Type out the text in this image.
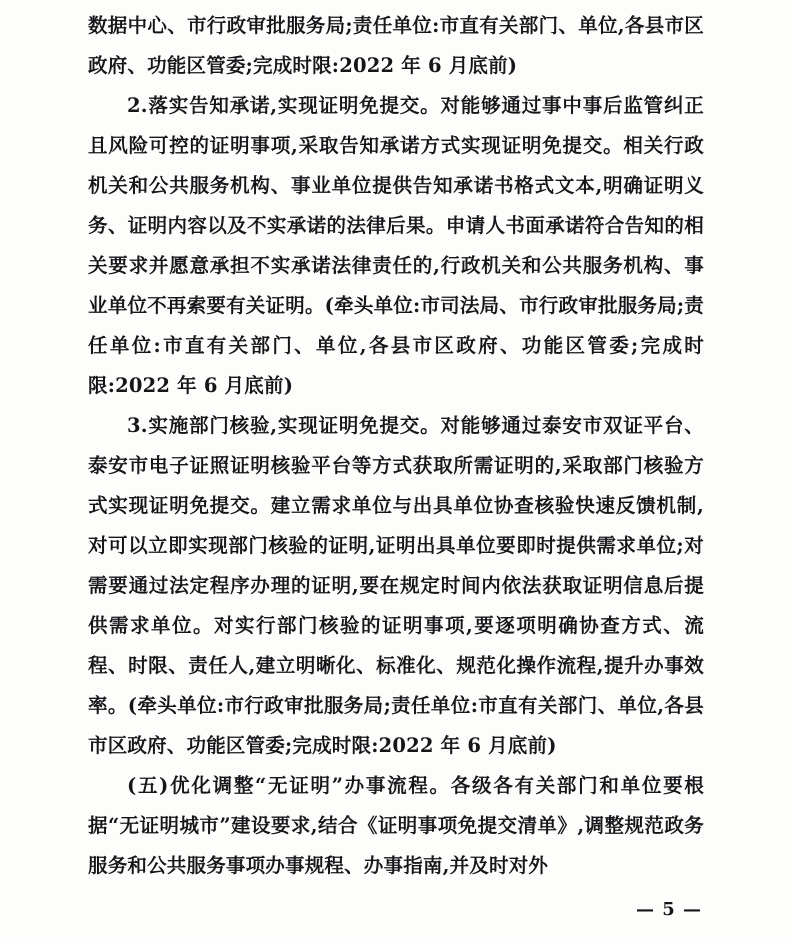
数据中心、市行政审批服务局;责任单位:市直有关部门、单位,各县市区政府、功能区管委;完成时限:2022 年 6 月底前)

2.落实告知承诺,实现证明免提交。对能够通过事中事后监管纠正且风险可控的证明事项,采取告知承诺方式实现证明免提交。相关行政机关和公共服务机构、事业单位提供告知承诺书格式文本,明确证明义务、证明内容以及不实承诺的法律后果。申请人书面承诺符合告知的相关要求并愿意承担不实承诺法律责任的,行政机关和公共服务机构、事业单位不再索要有关证明。(牵头单位:市司法局、市行政审批服务局;责任单位:市直有关部门、单位,各县市区政府、功能区管委;完成时限:2022 年 6 月底前)

3.实施部门核验,实现证明免提交。对能够通过泰安市双证平台、泰安市电子证照证明核验平台等方式获取所需证明的,采取部门核验方式实现证明免提交。建立需求单位与出具单位协查核验快速反馈机制,对可以立即实现部门核验的证明,证明出具单位要即时提供需求单位;对需要通过法定程序办理的证明,要在规定时间内依法获取证明信息后提供需求单位。对实行部门核验的证明事项,要逐项明确协查方式、流程、时限、责任人,建立明晰化、标准化、规范化操作流程,提升办事效率。(牵头单位:市行政审批服务局;责任单位:市直有关部门、单位,各县市区政府、功能区管委;完成时限:2022 年 6 月底前)

(五)优化调整“无证明”办事流程。各级各有关部门和单位要根据“无证明城市”建设要求,结合《证明事项免提交清单》,调整规范政务服务和公共服务事项办事规程、办事指南,并及时对外

— 5 —
